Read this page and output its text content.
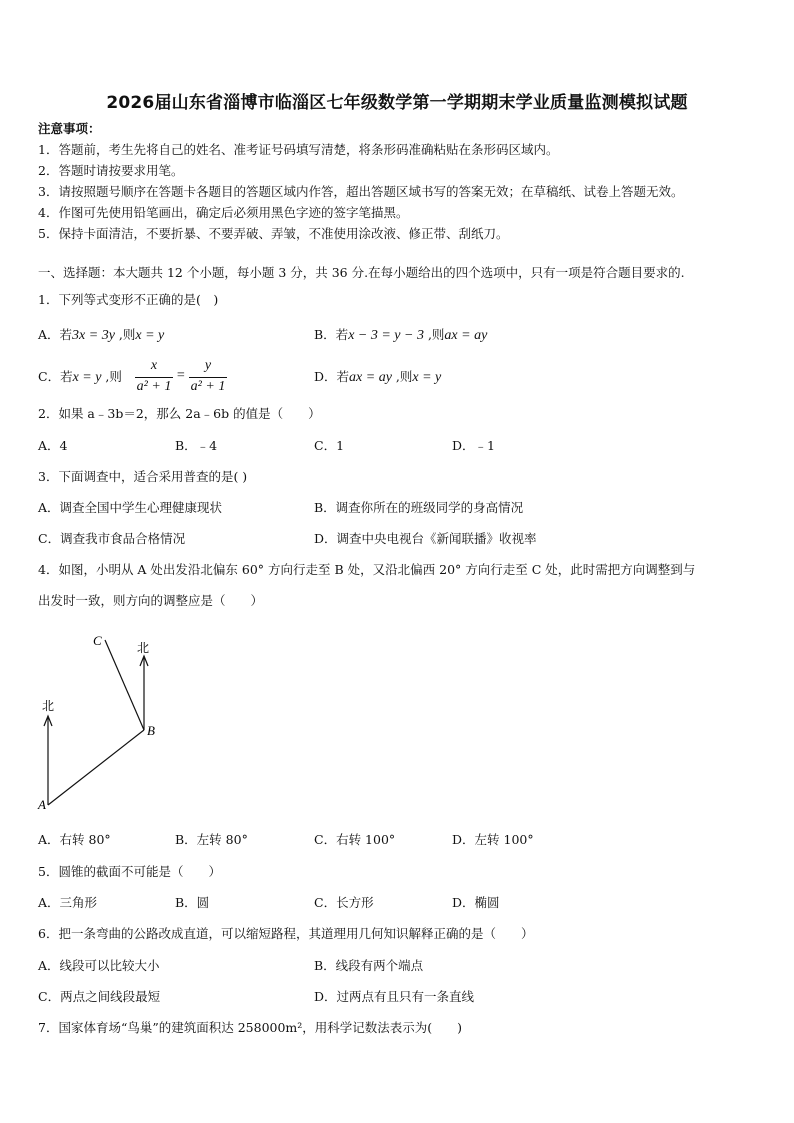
2026届山东省淄博市临淄区七年级数学第一学期期末学业质量监测模拟试题
注意事项：
1．答题前，考生先将自己的姓名、准考证号码填写清楚，将条形码准确粘贴在条形码区域内。
2．答题时请按要求用笔。
3．请按照题号顺序在答题卡各题目的答题区域内作答，超出答题区域书写的答案无效；在草稿纸、试卷上答题无效。
4．作图可先使用铅笔画出，确定后必须用黑色字迹的签字笔描黑。
5．保持卡面清洁，不要折暴、不要弄破、弄皱，不准使用涂改液、修正带、刮纸刀。
一、选择题：本大题共 12 个小题，每小题 3 分，共 36 分.在每小题给出的四个选项中，只有一项是符合题目要求的.
1．下列等式变形不正确的是(　)
A．若3x = 3y ,则x = y	B．若x − 3 = y − 3 ,则ax = ay
C．若x = y ,则
x
a² + 1
=
y
a² + 1
D．若ax = ay ,则x = y
2．如果 a﹣3b＝2，那么 2a﹣6b 的值是（　　）
A．4	B．﹣4	C．1	D．﹣1
3．下面调查中，适合采用普查的是( )
A．调查全国中学生心理健康现状	B．调查你所在的班级同学的身高情况
C．调查我市食品合格情况	D．调查中央电视台《新闻联播》收视率
4．如图，小明从 A 处出发沿北偏东 60° 方向行走至 B 处，又沿北偏西 20° 方向行走至 C 处，此时需把方向调整到与
出发时一致，则方向的调整应是（　　）
A
B
C
北
北
A．右转 80°	B．左转 80°	C．右转 100°	D．左转 100°
5．圆锥的截面不可能是（　　）
A．三角形	B．圆	C．长方形	D．椭圆
6．把一条弯曲的公路改成直道，可以缩短路程，其道理用几何知识解释正确的是（　　）
A．线段可以比较大小	B．线段有两个端点
C．两点之间线段最短	D．过两点有且只有一条直线
7．国家体育场“鸟巢”的建筑面积达 258000m²，用科学记数法表示为(　　)
